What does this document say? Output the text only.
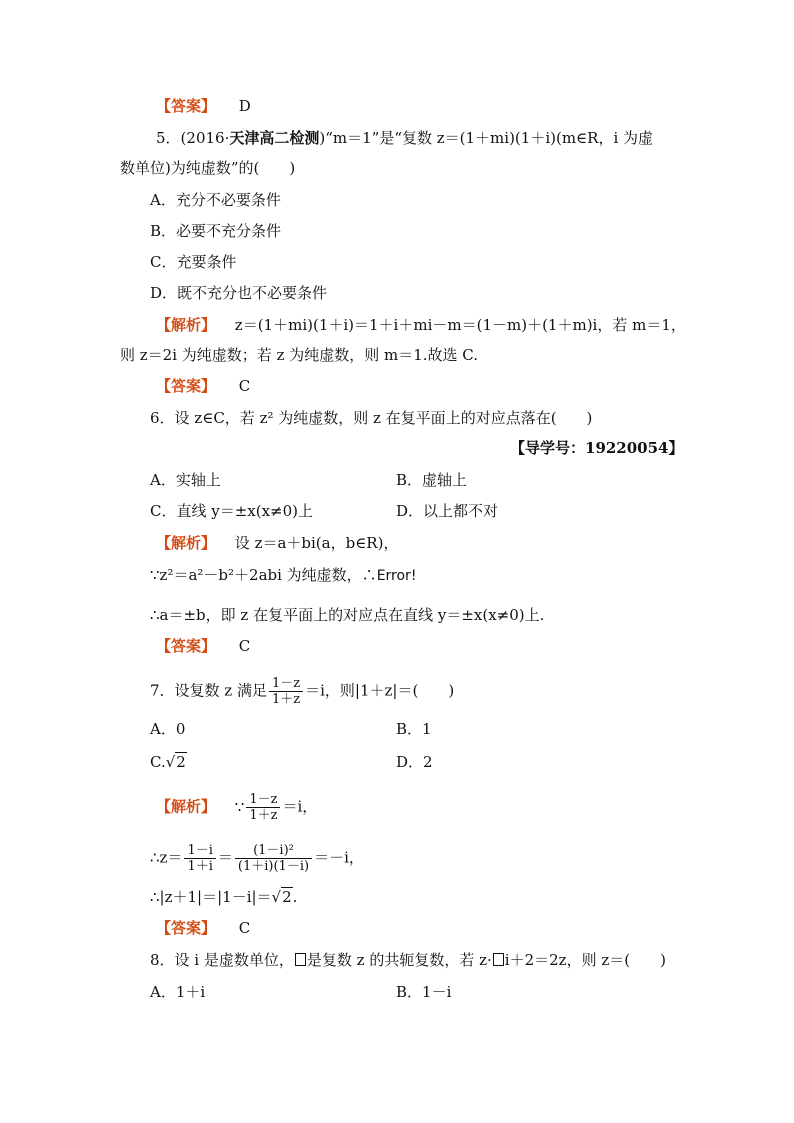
【答案】 D
5．(2016·天津高二检测)“m＝1”是“复数 z＝(1＋mi)(1＋i)(m∈R，i 为虚
数单位)为纯虚数”的(　　)
A．充分不必要条件
B．必要不充分条件
C．充要条件
D．既不充分也不必要条件
【解析】 z＝(1＋mi)(1＋i)＝1＋i＋mi－m＝(1－m)＋(1＋m)i，若 m＝1，
则 z＝2i 为纯虚数；若 z 为纯虚数，则 m＝1.故选 C.
【答案】 C
6．设 z∈C，若 z² 为纯虚数，则 z 在复平面上的对应点落在(　　)
【导学号：19220054】
A．实轴上	B．虚轴上
C．直线 y＝±x(x≠0)上	D．以上都不对
【解析】 设 z＝a＋bi(a，b∈R)，
∵z²＝a²－b²＋2abi 为纯虚数，∴Error!
∴a＝±b，即 z 在复平面上的对应点在直线 y＝±x(x≠0)上.
【答案】 C
7．设复数 z 满足 $\frac{1-z}{1+z} =i$，则|1＋z|＝(　　)
A．0	B．1
C.√2	D．2
【解析】 ∵ $\frac{1-z}{1+z} =i$，
∴z＝ $\frac{1-i}{1+i} = \frac{\text{(1－i)²}}{(1+i)(1-i)} =-i$，
∴|z＋1|＝|1－i|＝√2.
【答案】 C
8．设 i 是虚数单位， 是复数 z 的共轭复数，若 z· i＋2＝2z，则 z＝(　　)
A．1＋i	B．1－i
